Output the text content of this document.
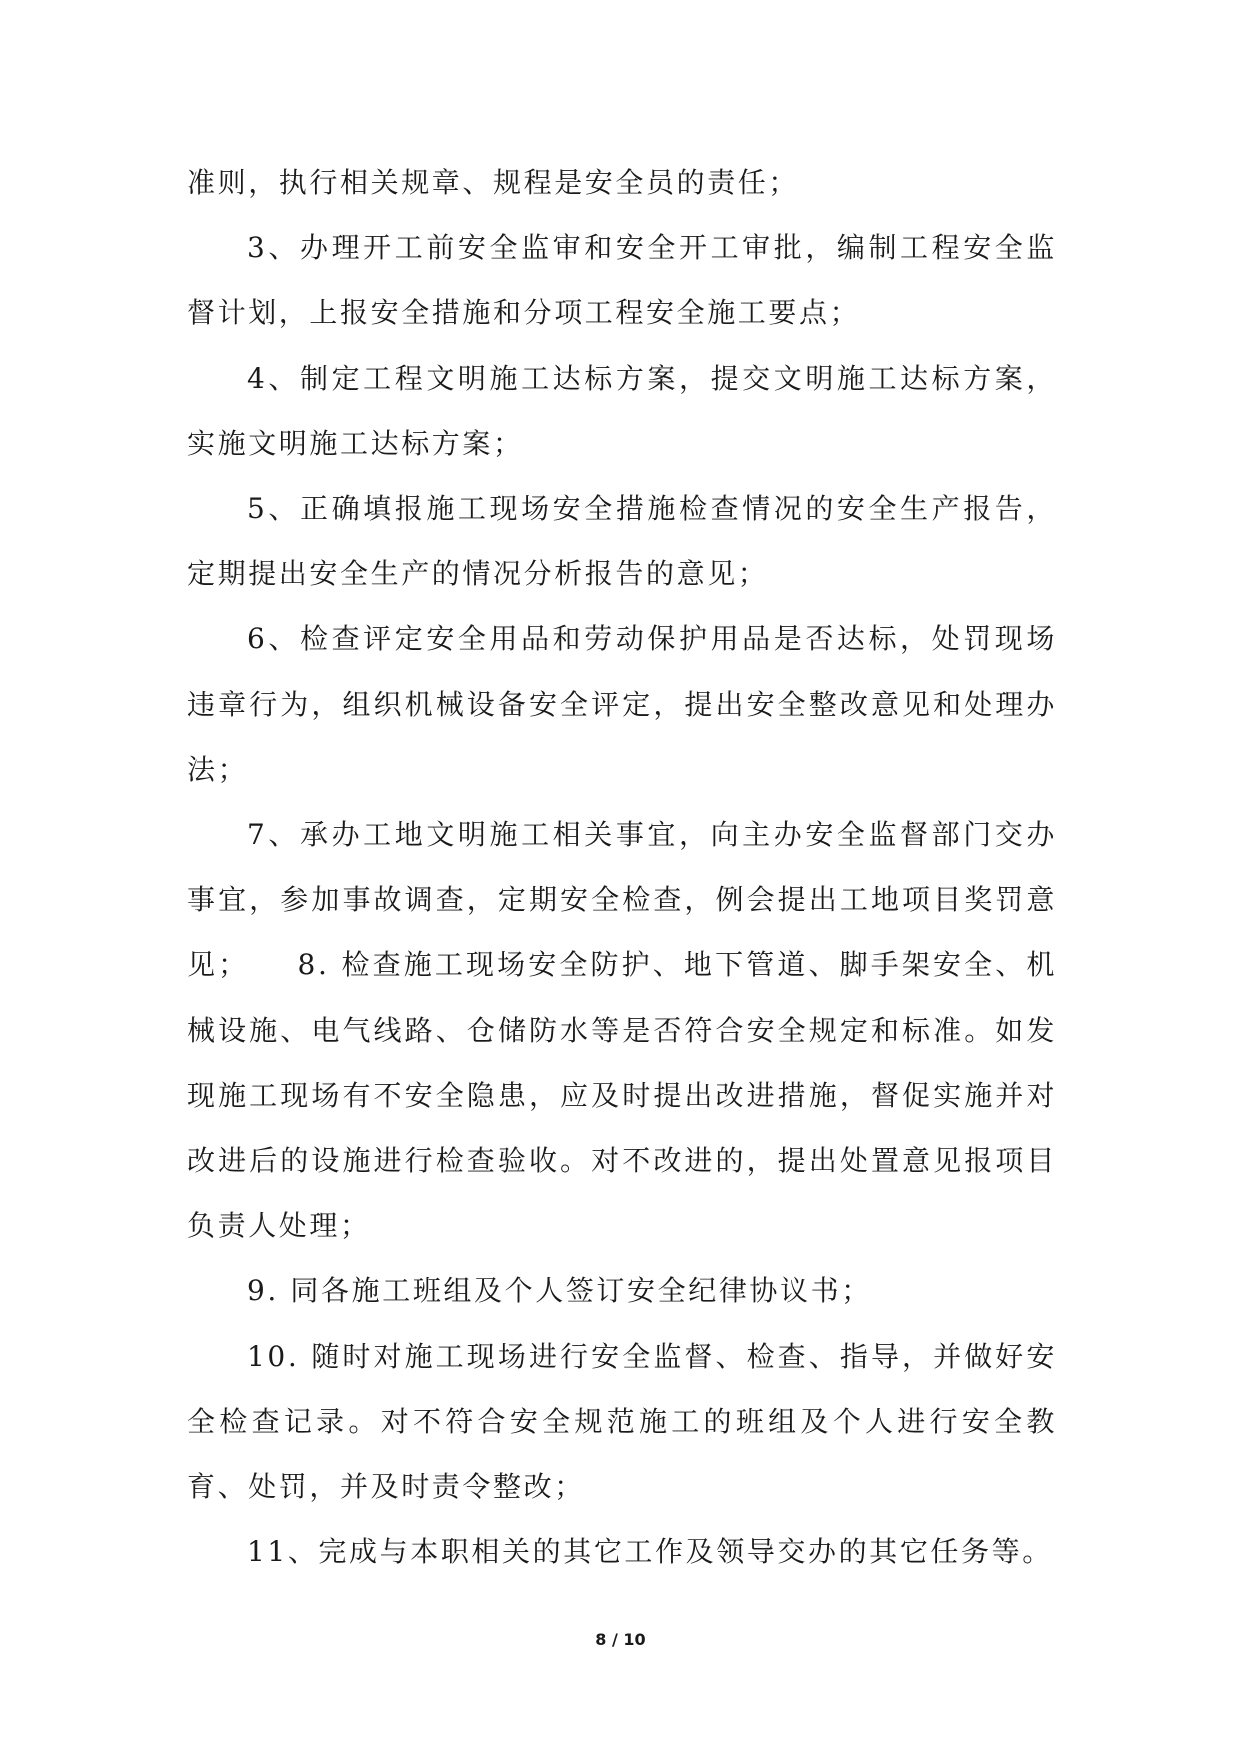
准则，执行相关规章、规程是安全员的责任；

3、办理开工前安全监审和安全开工审批，编制工程安全监督计划，上报安全措施和分项工程安全施工要点；

4、制定工程文明施工达标方案，提交文明施工达标方案，实施文明施工达标方案；

5、正确填报施工现场安全措施检查情况的安全生产报告，定期提出安全生产的情况分析报告的意见；

6、检查评定安全用品和劳动保护用品是否达标，处罚现场违章行为，组织机械设备安全评定，提出安全整改意见和处理办法；

7、承办工地文明施工相关事宜，向主办安全监督部门交办事宜，参加事故调查，定期安全检查，例会提出工地项目奖罚意见；　　8. 检查施工现场安全防护、地下管道、脚手架安全、机械设施、电气线路、仓储防水等是否符合安全规定和标准。如发现施工现场有不安全隐患，应及时提出改进措施，督促实施并对改进后的设施进行检查验收。对不改进的，提出处置意见报项目负责人处理；

9. 同各施工班组及个人签订安全纪律协议书；

10. 随时对施工现场进行安全监督、检查、指导，并做好安全检查记录。对不符合安全规范施工的班组及个人进行安全教育、处罚，并及时责令整改；

11、完成与本职相关的其它工作及领导交办的其它任务等。

8 / 10
